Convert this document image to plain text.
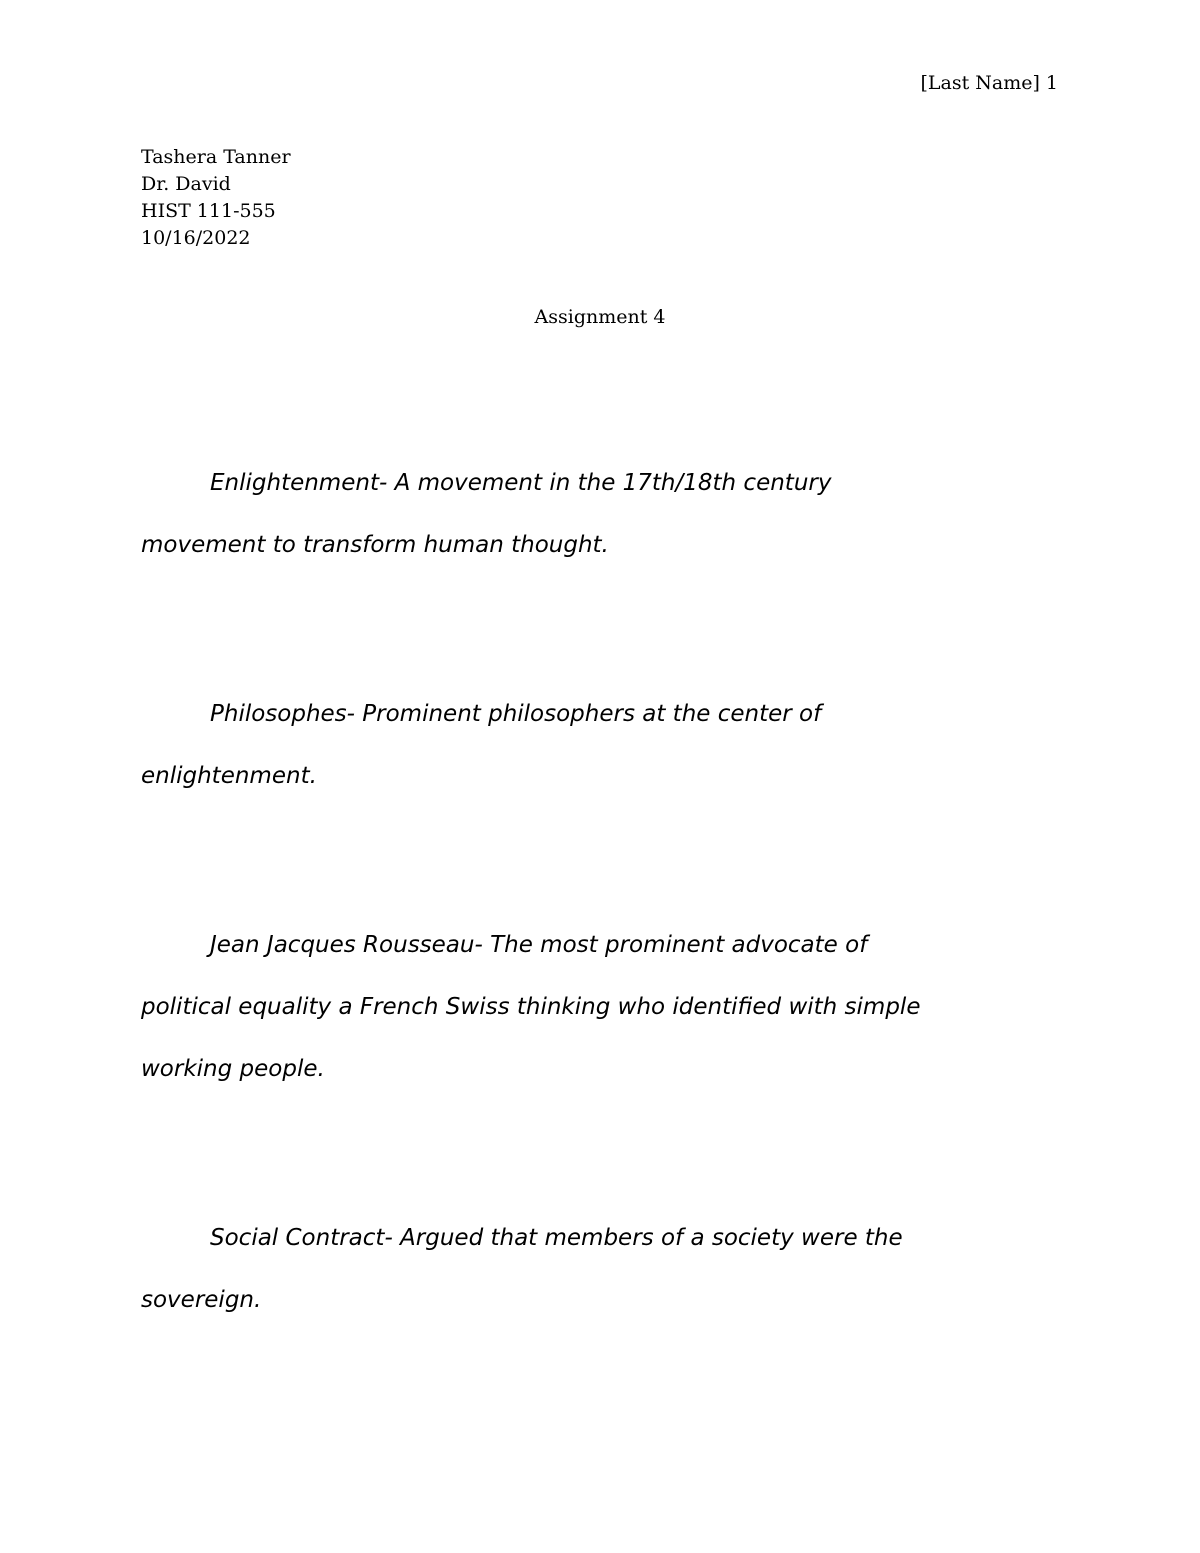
[Last Name] 1
Tashera Tanner
Dr. David
HIST 111-555
10/16/2022
Assignment 4

Enlightenment- A movement in the 17th/18th century
movement to transform human thought.

Philosophes- Prominent philosophers at the center of
enlightenment.

Jean Jacques Rousseau- The most prominent advocate of
political equality a French Swiss thinking who identified with simple
working people.

Social Contract- Argued that members of a society were the
sovereign.
